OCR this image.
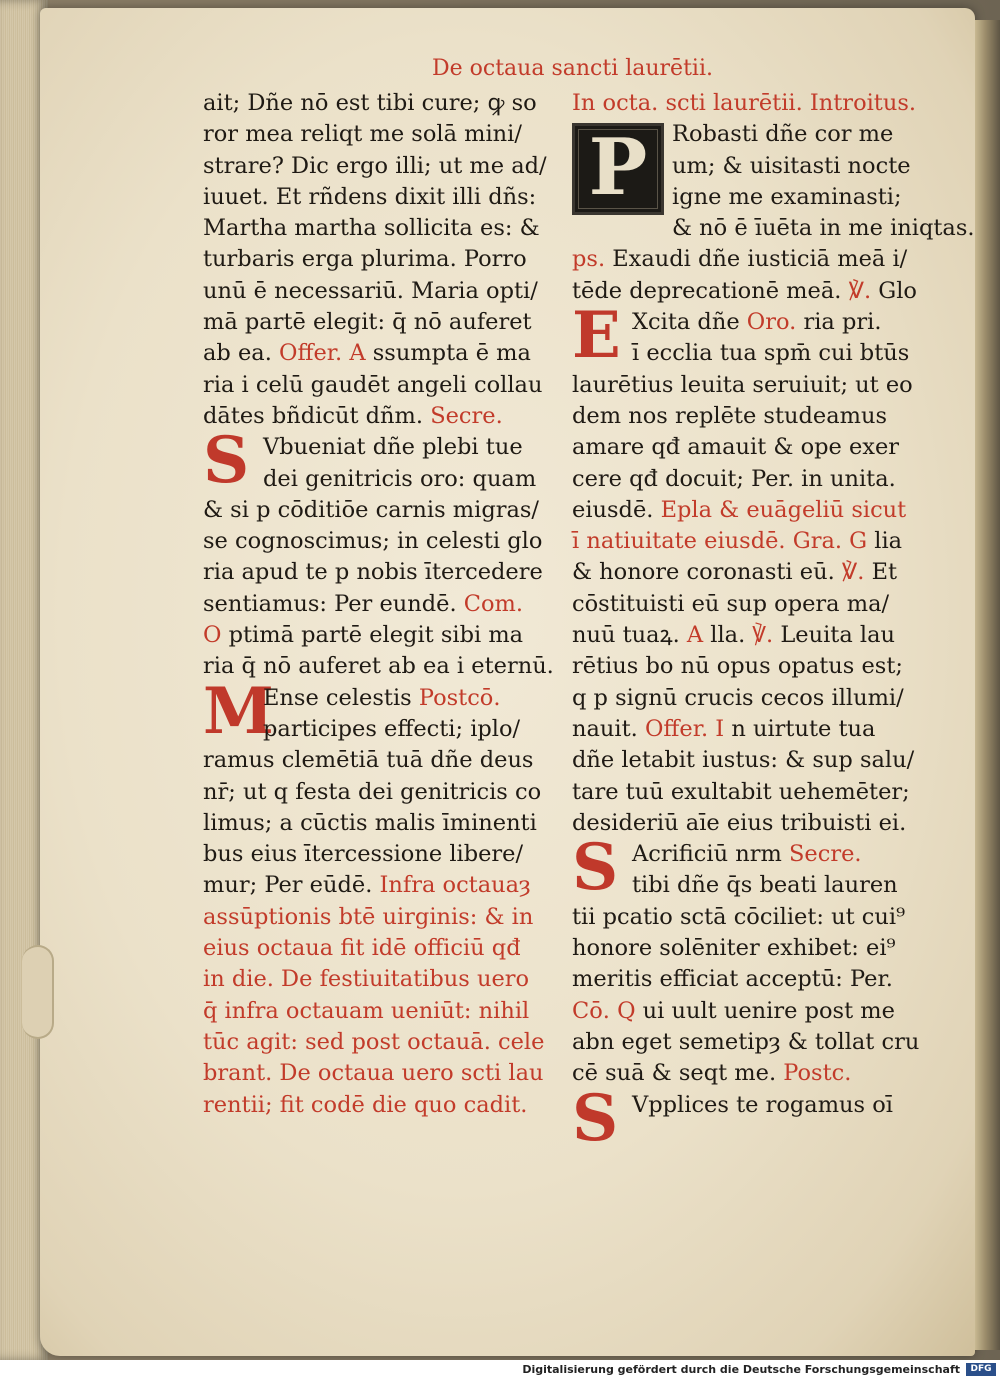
De octaua sancti laurētii.
ait; Dñe nō est tibi cure; ꝙ so
ror mea reliqt me solā mini/
strare? Dic ergo illi; ut me ad/
iuuet. Et rñdens dixit illi dñs:
Martha martha sollicita es: &
turbaris erga plurima. Porro
unū ē necessariū. Maria opti/
mā partē elegit: q̄ nō auferet
ab ea. Offer. A ssumpta ē ma
ria i celū gaudēt angeli collau
dātes bñdicūt dñm. Secre.
S Vbueniat dñe plebi tue
dei genitricis oro: quam
& si p cōditiōe carnis migras/
se cognoscimus; in celesti glo
ria apud te p nobis ītercedere
sentiamus: Per eundē. Com.
O ptimā partē elegit sibi ma
ria q̄ nō auferet ab ea i eternū.
M
Ense celestis Postcō.
participes effecti; iplo/
ramus clemētiā tuā dñe deus
nr̄; ut q festa dei genitricis co
limus; a cūctis malis īminenti
bus eius ītercessione libere/
mur; Per eūdē. Infra octauaȝ
assūptionis btē uirginis: & in
eius octaua fit idē officiū qđ
in die. De festiuitatibus uero
q̄ infra octauam ueniūt: nihil
tūc agit: sed post octauā. cele
brant. De octaua uero scti lau
rentii; fit codē die quo cadit.
In octa. scti laurētii. Introitus.
P	Robasti dñe cor me
um; & uisitasti nocte
igne me examinasti;
& nō ē īuēta in me iniqtas.
ps. Exaudi dñe iusticiā meā i/
tēde deprecationē meā. ℣. Glo
E Xcita dñe Oro. ria pri.
ī ecclia tua spm̄ cui btūs
laurētius leuita seruiuit; ut eo
dem nos replēte studeamus
amare qđ amauit & ope exer
cere qđ docuit; Per. in unita.
eiusdē. Epla & euāgeliū sicut
ī natiuitate eiusdē. Gra. G lia
& honore coronasti eū. ℣. Et
cōstituisti eū sup opera ma/
nuū tuaꝝ. A lla. ℣. Leuita lau
rētius bo nū opus opatus est;
q p signū crucis cecos illumi/
nauit. Offer. I n uirtute tua
dñe letabit iustus: & sup salu/
tare tuū exultabit uehemēter;
desideriū aīe eius tribuisti ei.
S Acrificiū nrm Secre.
tibi dñe q̄s beati lauren
tii pcatio sctā cōciliet: ut cui⁹
honore solēniter exhibet: ei⁹
meritis efficiat acceptū: Per.
Cō. Q ui uult uenire post me
abn eget semetipȝ & tollat cru
cē suā & seqt me. Postc.
S Vpplices te rogamus oī
Digitalisierung gefördert durch die Deutsche Forschungsgemeinschaft	DFG
